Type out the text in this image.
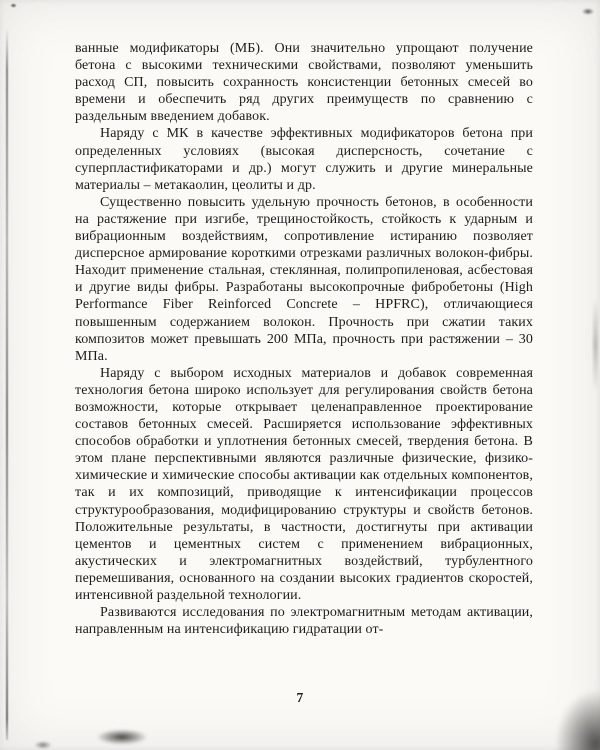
ванные модификаторы (МБ). Они значительно упрощают получение бетона с высокими техническими свойствами, позволяют уменьшить расход СП, повысить сохранность консистенции бетонных смесей во времени и обеспечить ряд других преимуществ по сравнению с раздельным введением добавок.

Наряду с МК в качестве эффективных модификаторов бетона при определенных условиях (высокая дисперсность, сочетание с суперпластификаторами и др.) могут служить и другие минеральные материалы – метакаолин, цеолиты и др.

Существенно повысить удельную прочность бетонов, в особенности на растяжение при изгибе, трещиностойкость, стойкость к ударным и вибрационным воздействиям, сопротивление истиранию позволяет дисперсное армирование короткими отрезками различных волокон-фибры. Находит применение стальная, стеклянная, полипропиленовая, асбестовая и другие виды фибры. Разработаны высокопрочные фибробетоны (High Performance Fiber Reinforced Concrete – HPFRC), отличающиеся повышенным содержанием волокон. Прочность при сжатии таких композитов может превышать 200 МПа, прочность при растяжении – 30 МПа.

Наряду с выбором исходных материалов и добавок современная технология бетона широко использует для регулирования свойств бетона возможности, которые открывает целенаправленное проектирование составов бетонных смесей. Расширяется использование эффективных способов обработки и уплотнения бетонных смесей, твердения бетона. В этом плане перспективными являются различные физические, физико-химические и химические способы активации как отдельных компонентов, так и их композиций, приводящие к интенсификации процессов структурообразования, модифицированию структуры и свойств бетонов. Положительные результаты, в частности, достигнуты при активации цементов и цементных систем с применением вибрационных, акустических и электромагнитных воздействий, турбулентного перемешивания, основанного на создании высоких градиентов скоростей, интенсивной раздельной технологии.

Развиваются исследования по электромагнитным методам активации, направленным на интенсификацию гидратации от-

7
